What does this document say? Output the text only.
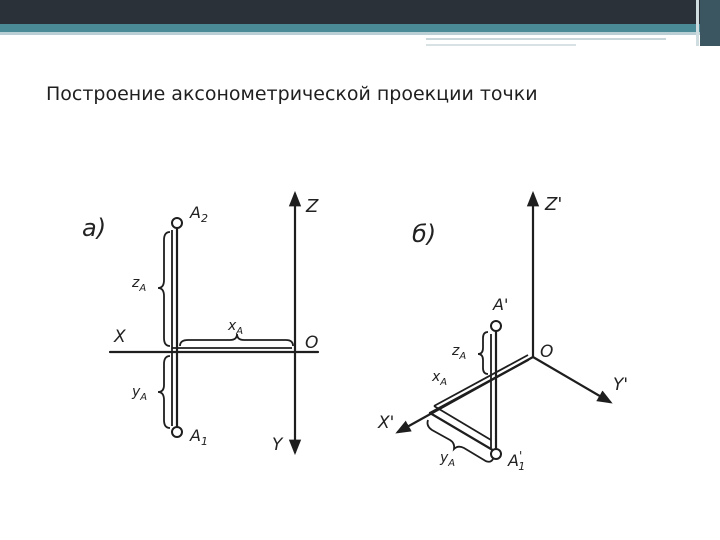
Построение аксонометрической проекции точки
а)
Z
X
Y
O
$A_2$
$A_1$
$z_A$
$y_A$
$x_A$
б)
Z'
X'
Y'
O
A'
A' 1
$z_A$
$x_A$
$y_A$
